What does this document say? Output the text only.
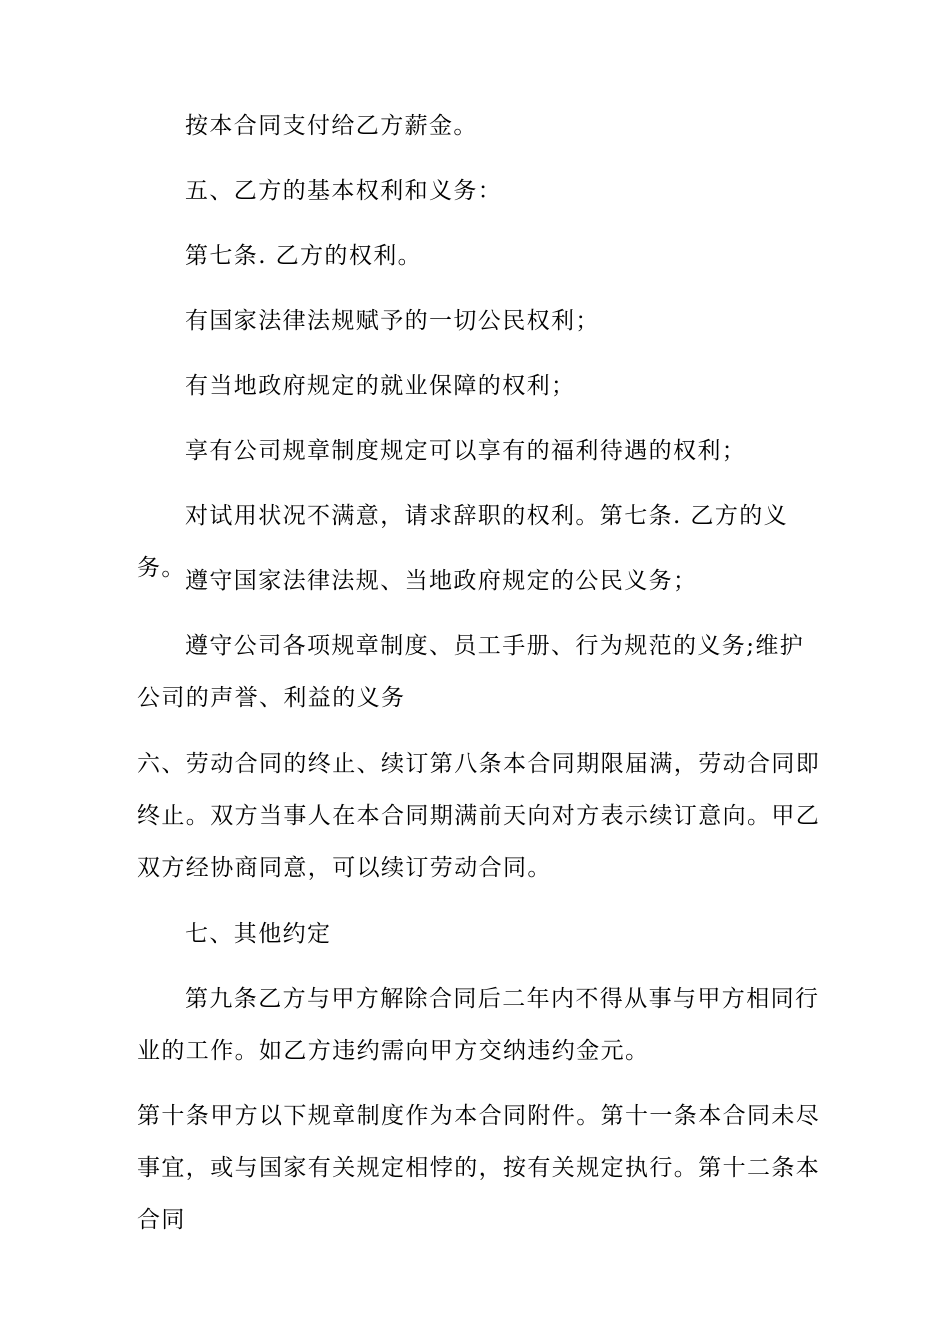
按本合同支付给乙方薪金。

五、乙方的基本权利和义务：

第七条. 乙方的权利。

有国家法律法规赋予的一切公民权利；

有当地政府规定的就业保障的权利；

享有公司规章制度规定可以享有的福利待遇的权利；

对试用状况不满意，请求辞职的权利。第七条. 乙方的义务。 遵守国家法律法规、当地政府规定的公民义务；

遵守公司各项规章制度、员工手册、行为规范的义务;维护公司的声誉、利益的义务

六、劳动合同的终止、续订第八条本合同期限届满，劳动合同即终止。双方当事人在本合同期满前天向对方表示续订意向。甲乙双方经协商同意，可以续订劳动合同。

七、其他约定

第九条乙方与甲方解除合同后二年内不得从事与甲方相同行业的工作。如乙方违约需向甲方交纳违约金元。

第十条甲方以下规章制度作为本合同附件。第十一条本合同未尽事宜，或与国家有关规定相悖的，按有关规定执行。第十二条本合同
